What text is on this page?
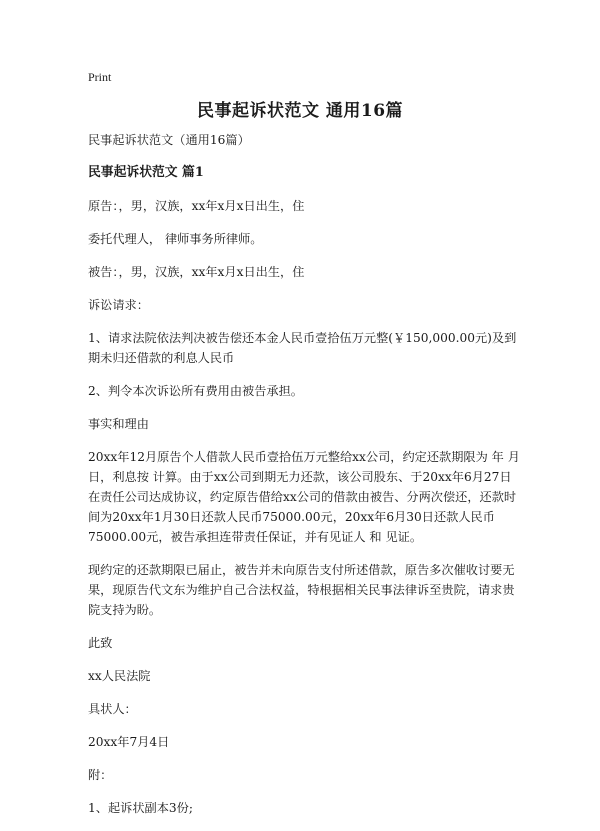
Print
民事起诉状范文 通用16篇

民事起诉状范文（通用16篇）

民事起诉状范文 篇1

原告：，男，汉族，xx年x月x日出生，住

委托代理人， 律师事务所律师。

被告：，男，汉族，xx年x月x日出生，住

诉讼请求：

1、请求法院依法判决被告偿还本金人民币壹拾伍万元整(￥150,000.00元)及到期未归还借款的利息人民币

2、判令本次诉讼所有费用由被告承担。

事实和理由

20xx年12月原告个人借款人民币壹拾伍万元整给xx公司，约定还款期限为 年 月 日，利息按 计算。由于xx公司到期无力还款，该公司股东、于20xx年6月27日在责任公司达成协议，约定原告借给xx公司的借款由被告、分两次偿还，还款时间为20xx年1月30日还款人民币75000.00元，20xx年6月30日还款人民币75000.00元，被告承担连带责任保证，并有见证人 和 见证。

现约定的还款期限已届止，被告并未向原告支付所述借款，原告多次催收讨要无果，现原告代文东为维护自己合法权益，特根据相关民事法律诉至贵院，请求贵院支持为盼。

此致

xx人民法院

具状人：

20xx年7月4日

附：

1、起诉状副本3份;
